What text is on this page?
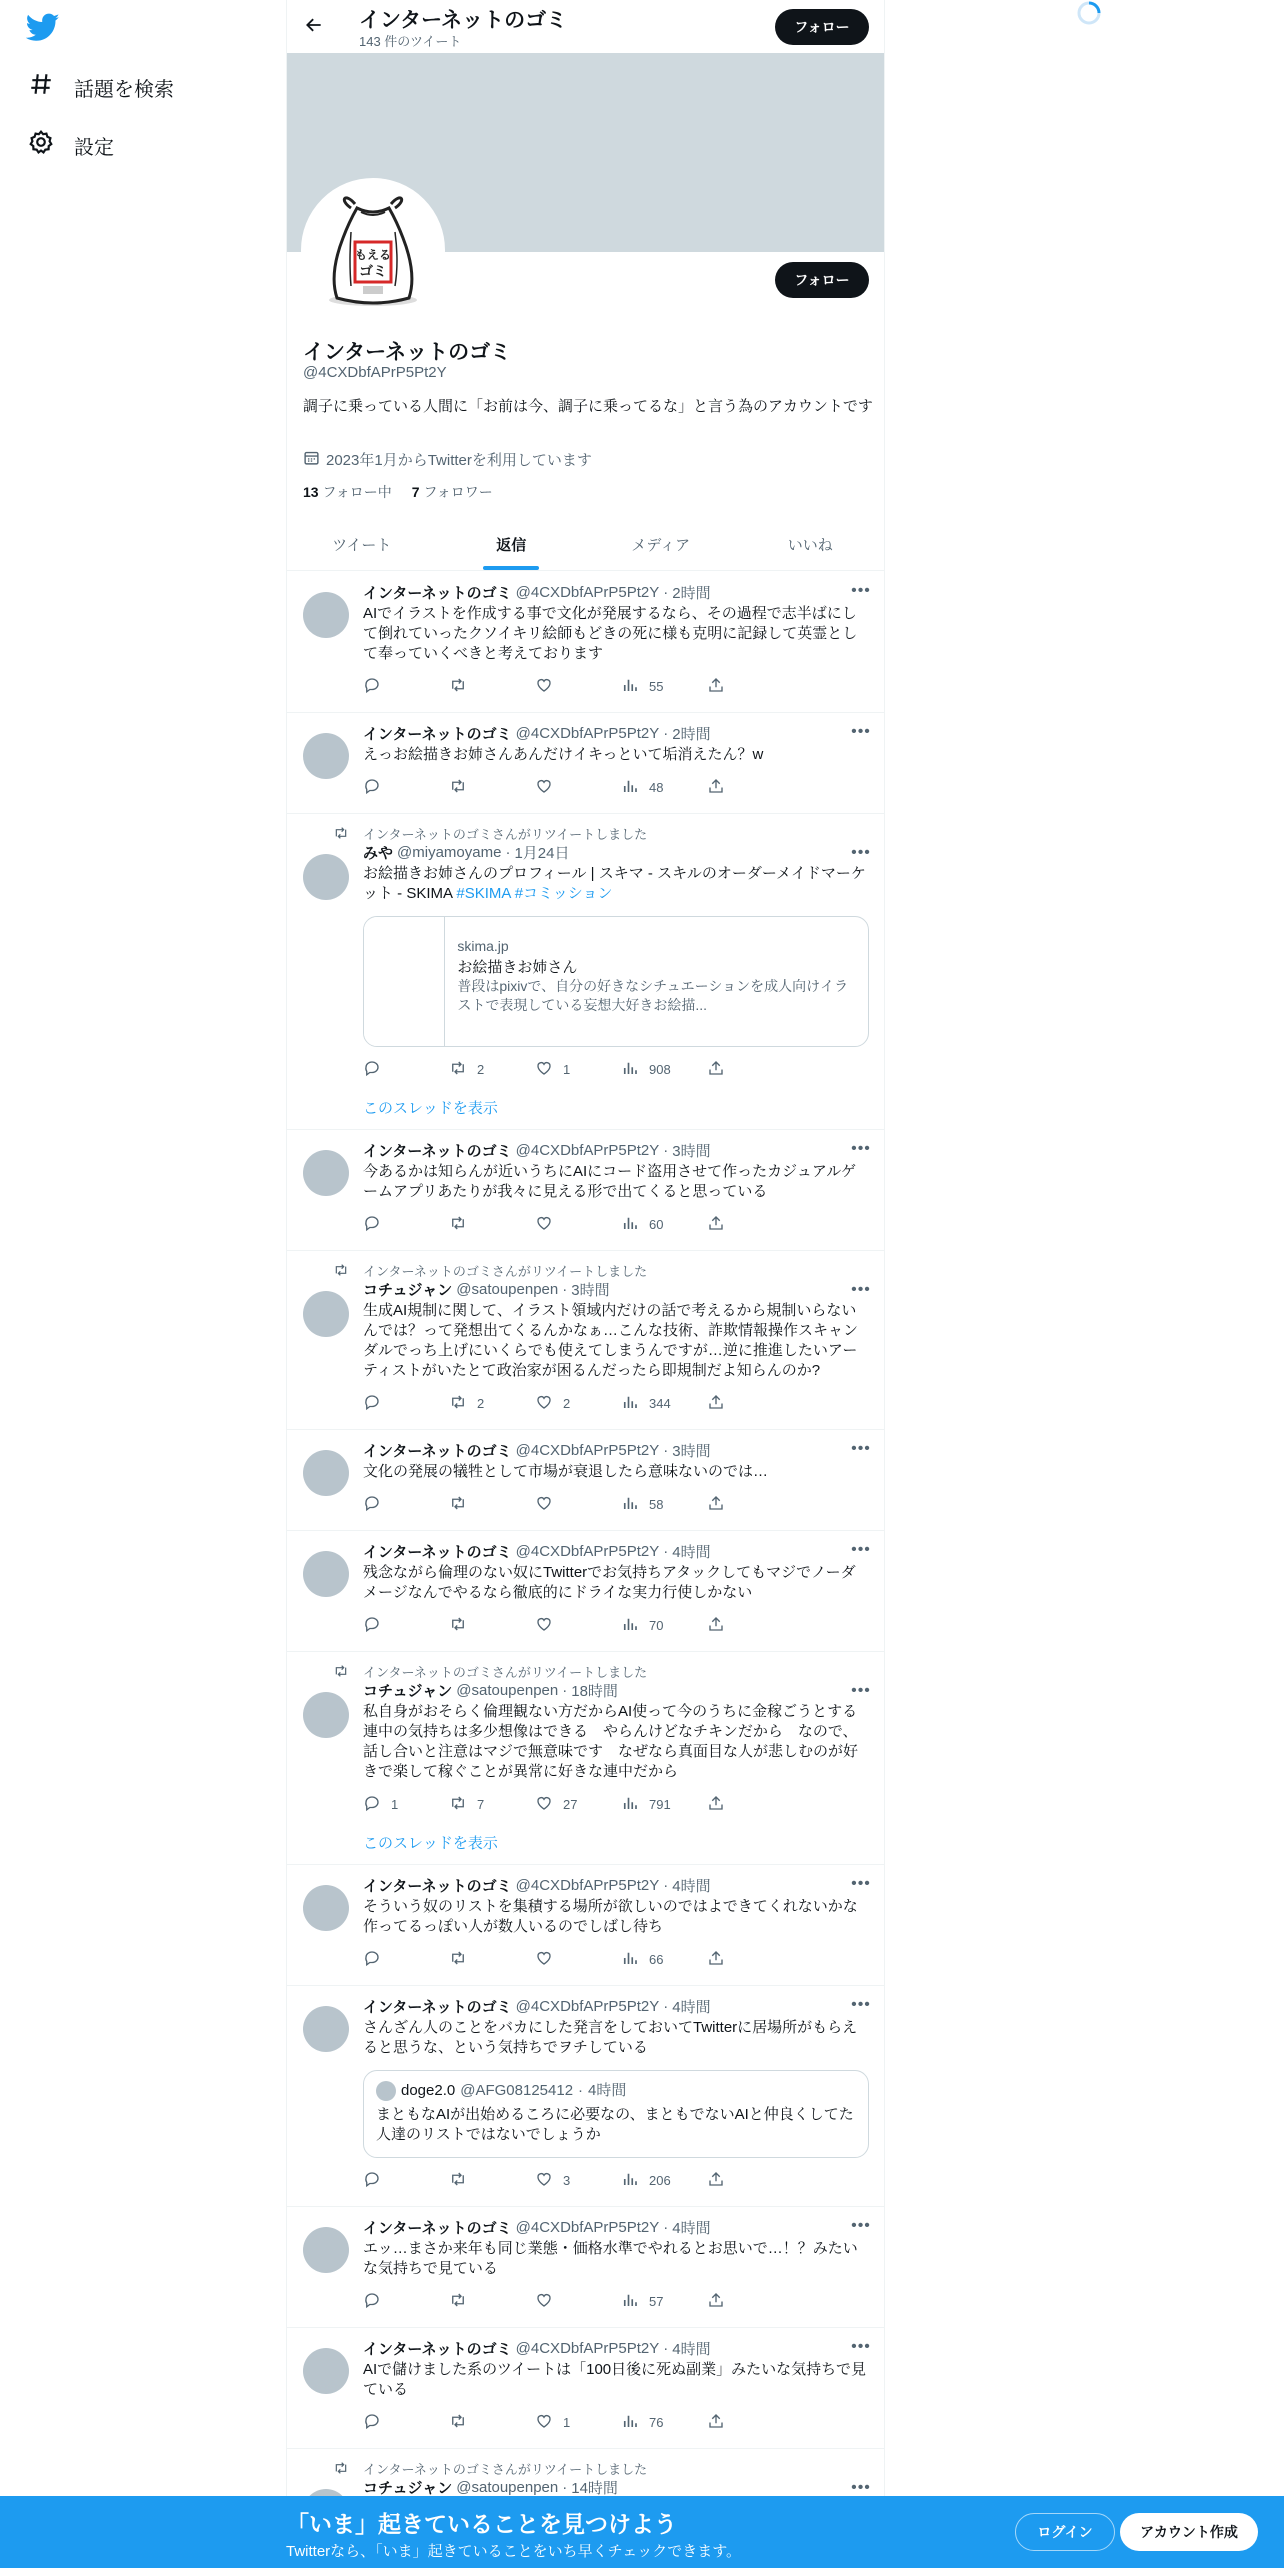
話題を検索
設定
インターネットのゴミ
143 件のツイート
フォロー
もえる
ゴミ	フォロー
インターネットのゴミ
@4CXDbfAPrP5Pt2Y
調子に乗っている人間に「お前は今、調子に乗ってるな」と言う為のアカウントです
2023年1月からTwitterを利用しています
13 フォロー中 7 フォロワー
ツイート	返信	メディア	いいね
•••
インターネットのゴミ @4CXDbfAPrP5Pt2Y · 2時間
AIでイラストを作成する事で文化が発展するなら、その過程で志半ばにして倒れていったクソイキリ絵師もどきの死に様も克明に記録して英霊として奉っていくべきと考えております
55
•••
インターネットのゴミ @4CXDbfAPrP5Pt2Y · 2時間
えっお絵描きお姉さんあんだけイキっといて垢消えたん？w
48
インターネットのゴミさんがリツイートしました
•••
みや @miyamoyame · 1月24日
お絵描きお姉さんのプロフィール | スキマ - スキルのオーダーメイドマーケット - SKIMA #SKIMA #コミッション
skima.jp
お絵描きお姉さん
普段はpixivで、自分の好きなシチュエーションを成人向けイラストで表現している妄想大好きお絵描...
2	1	908
このスレッドを表示
•••
インターネットのゴミ @4CXDbfAPrP5Pt2Y · 3時間
今あるかは知らんが近いうちにAIにコード盗用させて作ったカジュアルゲームアプリあたりが我々に見える形で出てくると思っている
60
インターネットのゴミさんがリツイートしました
•••
コチュジャン @satoupenpen · 3時間
生成AI規制に関して、イラスト領域内だけの話で考えるから規制いらないんでは？って発想出てくるんかなぁ…こんな技術、詐欺情報操作スキャンダルでっち上げにいくらでも使えてしまうんですが…逆に推進したいアーティストがいたとて政治家が困るんだったら即規制だよ知らんのか?
2	2	344
•••
インターネットのゴミ @4CXDbfAPrP5Pt2Y · 3時間
文化の発展の犠牲として市場が衰退したら意味ないのでは…
58
•••
インターネットのゴミ @4CXDbfAPrP5Pt2Y · 4時間
残念ながら倫理のない奴にTwitterでお気持ちアタックしてもマジでノーダメージなんでやるなら徹底的にドライな実力行使しかない
70
インターネットのゴミさんがリツイートしました
•••
コチュジャン @satoupenpen · 18時間
私自身がおそらく倫理観ない方だからAI使って今のうちに金稼ごうとする連中の気持ちは多少想像はできる　やらんけどなチキンだから　なので、話し合いと注意はマジで無意味です　なぜなら真面目な人が悲しむのが好きで楽して稼ぐことが異常に好きな連中だから
1	7	27	791
このスレッドを表示
•••
インターネットのゴミ @4CXDbfAPrP5Pt2Y · 4時間
そういう奴のリストを集積する場所が欲しいのではよできてくれないかな作ってるっぽい人が数人いるのでしばし待ち
66
•••
インターネットのゴミ @4CXDbfAPrP5Pt2Y · 4時間
さんざん人のことをバカにした発言をしておいてTwitterに居場所がもらえると思うな、という気持ちでヲチしている
doge2.0 @AFG08125412 · 4時間
まともなAIが出始めるころに必要なの、まともでないAIと仲良くしてた人達のリストではないでしょうか
3	206
•••
インターネットのゴミ @4CXDbfAPrP5Pt2Y · 4時間
エッ…まさか来年も同じ業態・価格水準でやれるとお思いで…！？みたいな気持ちで見ている
57
•••
インターネットのゴミ @4CXDbfAPrP5Pt2Y · 4時間
AIで儲けました系のツイートは「100日後に死ぬ副業」みたいな気持ちで見ている
1	76
インターネットのゴミさんがリツイートしました
•••
コチュジャン @satoupenpen · 14時間
「いま」起きていることを見つけよう
Twitterなら、「いま」起きていることをいち早くチェックできます。
ログイン	アカウント作成
